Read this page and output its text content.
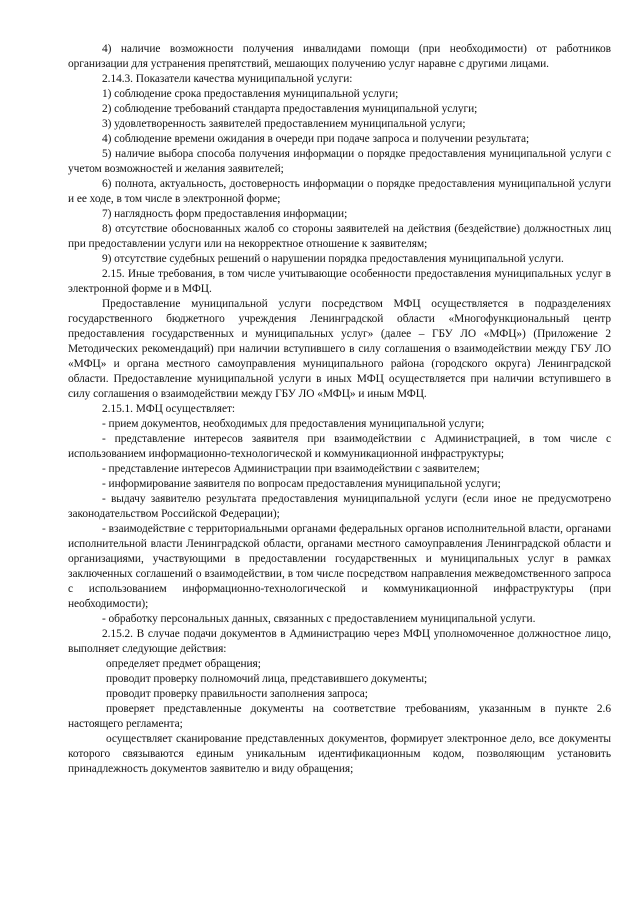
4) наличие возможности получения инвалидами помощи (при необходимости) от работников организации для устранения препятствий, мешающих получению услуг наравне с другими лицами.

2.14.3. Показатели качества муниципальной услуги:

1) соблюдение срока предоставления муниципальной услуги;

2) соблюдение требований стандарта предоставления муниципальной услуги;

3) удовлетворенность заявителей предоставлением муниципальной услуги;

4) соблюдение времени ожидания в очереди при подаче запроса и получении результата;

5) наличие выбора способа получения информации о порядке предоставления муниципальной услуги с учетом возможностей и желания заявителей;

6) полнота, актуальность, достоверность информации о порядке предоставления муниципальной услуги и ее ходе, в том числе в электронной форме;

7) наглядность форм предоставления информации;

8) отсутствие обоснованных жалоб со стороны заявителей на действия (бездействие) должностных лиц при предоставлении услуги или на некорректное отношение к заявителям;

9) отсутствие судебных решений о нарушении порядка предоставления муниципальной услуги.

2.15. Иные требования, в том числе учитывающие особенности предоставления муниципальных услуг в электронной форме и в МФЦ.

Предоставление муниципальной услуги посредством МФЦ осуществляется в подразделениях государственного бюджетного учреждения Ленинградской области «Многофункциональный центр предоставления государственных и муниципальных услуг» (далее – ГБУ ЛО «МФЦ») (Приложение 2 Методических рекомендаций) при наличии вступившего в силу соглашения о взаимодействии между ГБУ ЛО «МФЦ» и органа местного самоуправления муниципального района (городского округа) Ленинградской области. Предоставление муниципальной услуги в иных МФЦ осуществляется при наличии вступившего в силу соглашения о взаимодействии между ГБУ ЛО «МФЦ» и иным МФЦ.

2.15.1. МФЦ осуществляет:

- прием документов, необходимых для предоставления муниципальной услуги;

- представление интересов заявителя при взаимодействии с Администрацией, в том числе с использованием информационно-технологической и коммуникационной инфраструктуры;

- представление интересов Администрации при взаимодействии с заявителем;

- информирование заявителя по вопросам предоставления муниципальной услуги;

- выдачу заявителю результата предоставления муниципальной услуги (если иное не предусмотрено законодательством Российской Федерации);

- взаимодействие с территориальными органами федеральных органов исполнительной власти, органами исполнительной власти Ленинградской области, органами местного самоуправления Ленинградской области и организациями, участвующими в предоставлении государственных и муниципальных услуг в рамках заключенных соглашений о взаимодействии, в том числе посредством направления межведомственного запроса с использованием информационно-технологической и коммуникационной инфраструктуры (при необходимости);

- обработку персональных данных, связанных с предоставлением муниципальной услуги.

2.15.2. В случае подачи документов в Администрацию через МФЦ уполномоченное должностное лицо, выполняет следующие действия:

определяет предмет обращения;

проводит проверку полномочий лица, представившего документы;

проводит проверку правильности заполнения запроса;

проверяет представленные документы на соответствие требованиям, указанным в пункте 2.6 настоящего регламента;

осуществляет сканирование представленных документов, формирует электронное дело, все документы которого связываются единым уникальным идентификационным кодом, позволяющим установить принадлежность документов заявителю и виду обращения;
